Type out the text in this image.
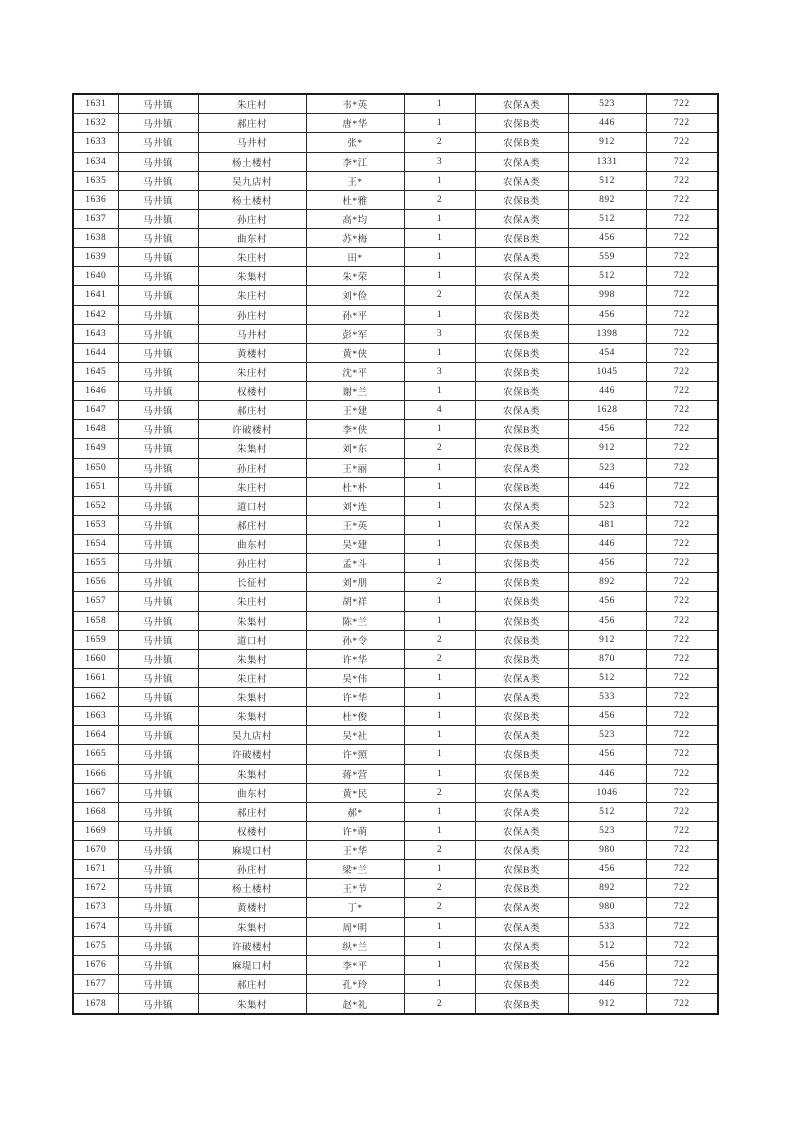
1631	马井镇	朱庄村	韦*英	1	农保A类	523	722
1632	马井镇	郝庄村	唐*华	1	农保B类	446	722
1633	马井镇	马井村	张*	2	农保B类	912	722
1634	马井镇	杨土楼村	李*江	3	农保A类	1331	722
1635	马井镇	吴九店村	王*	1	农保A类	512	722
1636	马井镇	杨土楼村	杜*雅	2	农保B类	892	722
1637	马井镇	孙庄村	高*均	1	农保A类	512	722
1638	马井镇	曲东村	苏*梅	1	农保B类	456	722
1639	马井镇	朱庄村	田*	1	农保A类	559	722
1640	马井镇	朱集村	朱*荣	1	农保A类	512	722
1641	马井镇	朱庄村	刘*俭	2	农保A类	998	722
1642	马井镇	孙庄村	孙*平	1	农保B类	456	722
1643	马井镇	马井村	彭*军	3	农保B类	1398	722
1644	马井镇	黄楼村	黄*侠	1	农保B类	454	722
1645	马井镇	朱庄村	沈*平	3	农保B类	1045	722
1646	马井镇	权楼村	谢*兰	1	农保B类	446	722
1647	马井镇	郝庄村	王*建	4	农保A类	1628	722
1648	马井镇	许破楼村	李*侠	1	农保B类	456	722
1649	马井镇	朱集村	刘*东	2	农保B类	912	722
1650	马井镇	孙庄村	王*丽	1	农保A类	523	722
1651	马井镇	朱庄村	杜*朴	1	农保B类	446	722
1652	马井镇	道口村	刘*连	1	农保A类	523	722
1653	马井镇	郝庄村	王*英	1	农保A类	481	722
1654	马井镇	曲东村	吴*建	1	农保B类	446	722
1655	马井镇	孙庄村	孟*斗	1	农保B类	456	722
1656	马井镇	长征村	刘*朋	2	农保B类	892	722
1657	马井镇	朱庄村	胡*祥	1	农保B类	456	722
1658	马井镇	朱集村	陈*兰	1	农保B类	456	722
1659	马井镇	道口村	孙*令	2	农保B类	912	722
1660	马井镇	朱集村	许*华	2	农保B类	870	722
1661	马井镇	朱庄村	吴*伟	1	农保A类	512	722
1662	马井镇	朱集村	许*华	1	农保A类	533	722
1663	马井镇	朱集村	杜*俊	1	农保B类	456	722
1664	马井镇	吴九店村	吴*社	1	农保A类	523	722
1665	马井镇	许破楼村	许*照	1	农保B类	456	722
1666	马井镇	朱集村	蒋*营	1	农保B类	446	722
1667	马井镇	曲东村	黄*民	2	农保A类	1046	722
1668	马井镇	郝庄村	郝*	1	农保A类	512	722
1669	马井镇	权楼村	许*萌	1	农保A类	523	722
1670	马井镇	麻堤口村	王*华	2	农保A类	980	722
1671	马井镇	孙庄村	梁*兰	1	农保B类	456	722
1672	马井镇	杨土楼村	王*节	2	农保B类	892	722
1673	马井镇	黄楼村	丁*	2	农保A类	980	722
1674	马井镇	朱集村	周*明	1	农保A类	533	722
1675	马井镇	许破楼村	纵*兰	1	农保A类	512	722
1676	马井镇	麻堤口村	李*平	1	农保B类	456	722
1677	马井镇	郝庄村	孔*玲	1	农保B类	446	722
1678	马井镇	朱集村	赵*礼	2	农保B类	912	722
